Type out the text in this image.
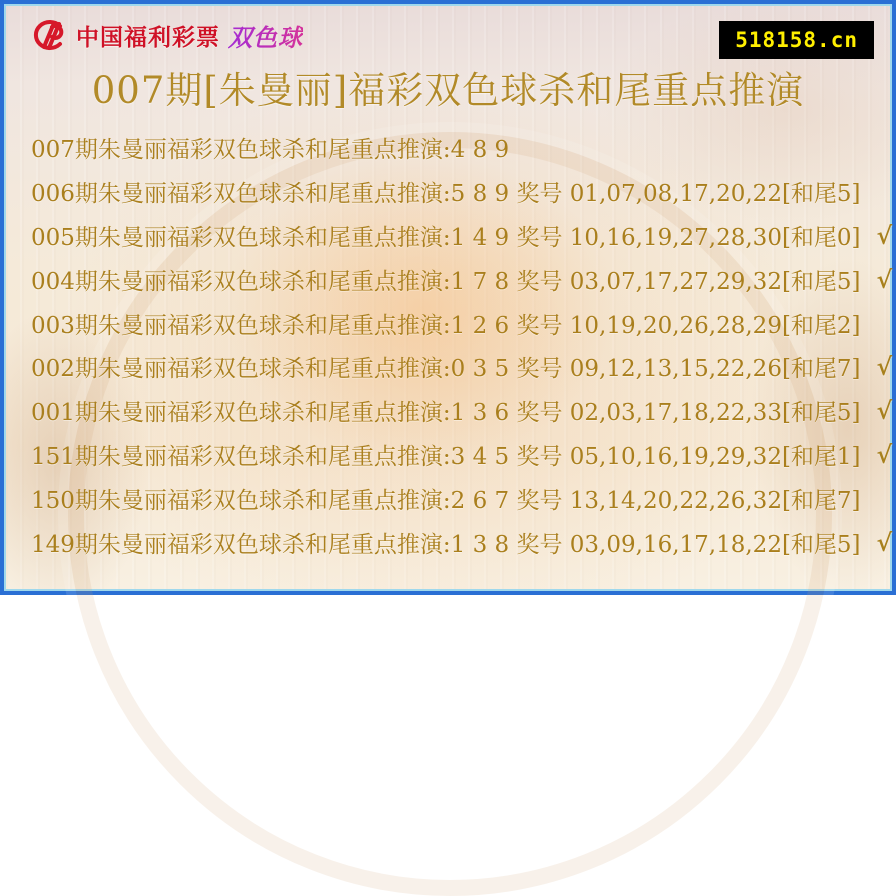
中国福利彩票 双色球	518158.cn
007期[朱曼丽]福彩双色球杀和尾重点推演
007期朱曼丽福彩双色球杀和尾重点推演:4 8 9
006期朱曼丽福彩双色球杀和尾重点推演:5 8 9 奖号 01,07,08,17,20,22[和尾5]
005期朱曼丽福彩双色球杀和尾重点推演:1 4 9 奖号 10,16,19,27,28,30[和尾0] √
004期朱曼丽福彩双色球杀和尾重点推演:1 7 8 奖号 03,07,17,27,29,32[和尾5] √
003期朱曼丽福彩双色球杀和尾重点推演:1 2 6 奖号 10,19,20,26,28,29[和尾2]
002期朱曼丽福彩双色球杀和尾重点推演:0 3 5 奖号 09,12,13,15,22,26[和尾7] √
001期朱曼丽福彩双色球杀和尾重点推演:1 3 6 奖号 02,03,17,18,22,33[和尾5] √
151期朱曼丽福彩双色球杀和尾重点推演:3 4 5 奖号 05,10,16,19,29,32[和尾1] √
150期朱曼丽福彩双色球杀和尾重点推演:2 6 7 奖号 13,14,20,22,26,32[和尾7]
149期朱曼丽福彩双色球杀和尾重点推演:1 3 8 奖号 03,09,16,17,18,22[和尾5] √
